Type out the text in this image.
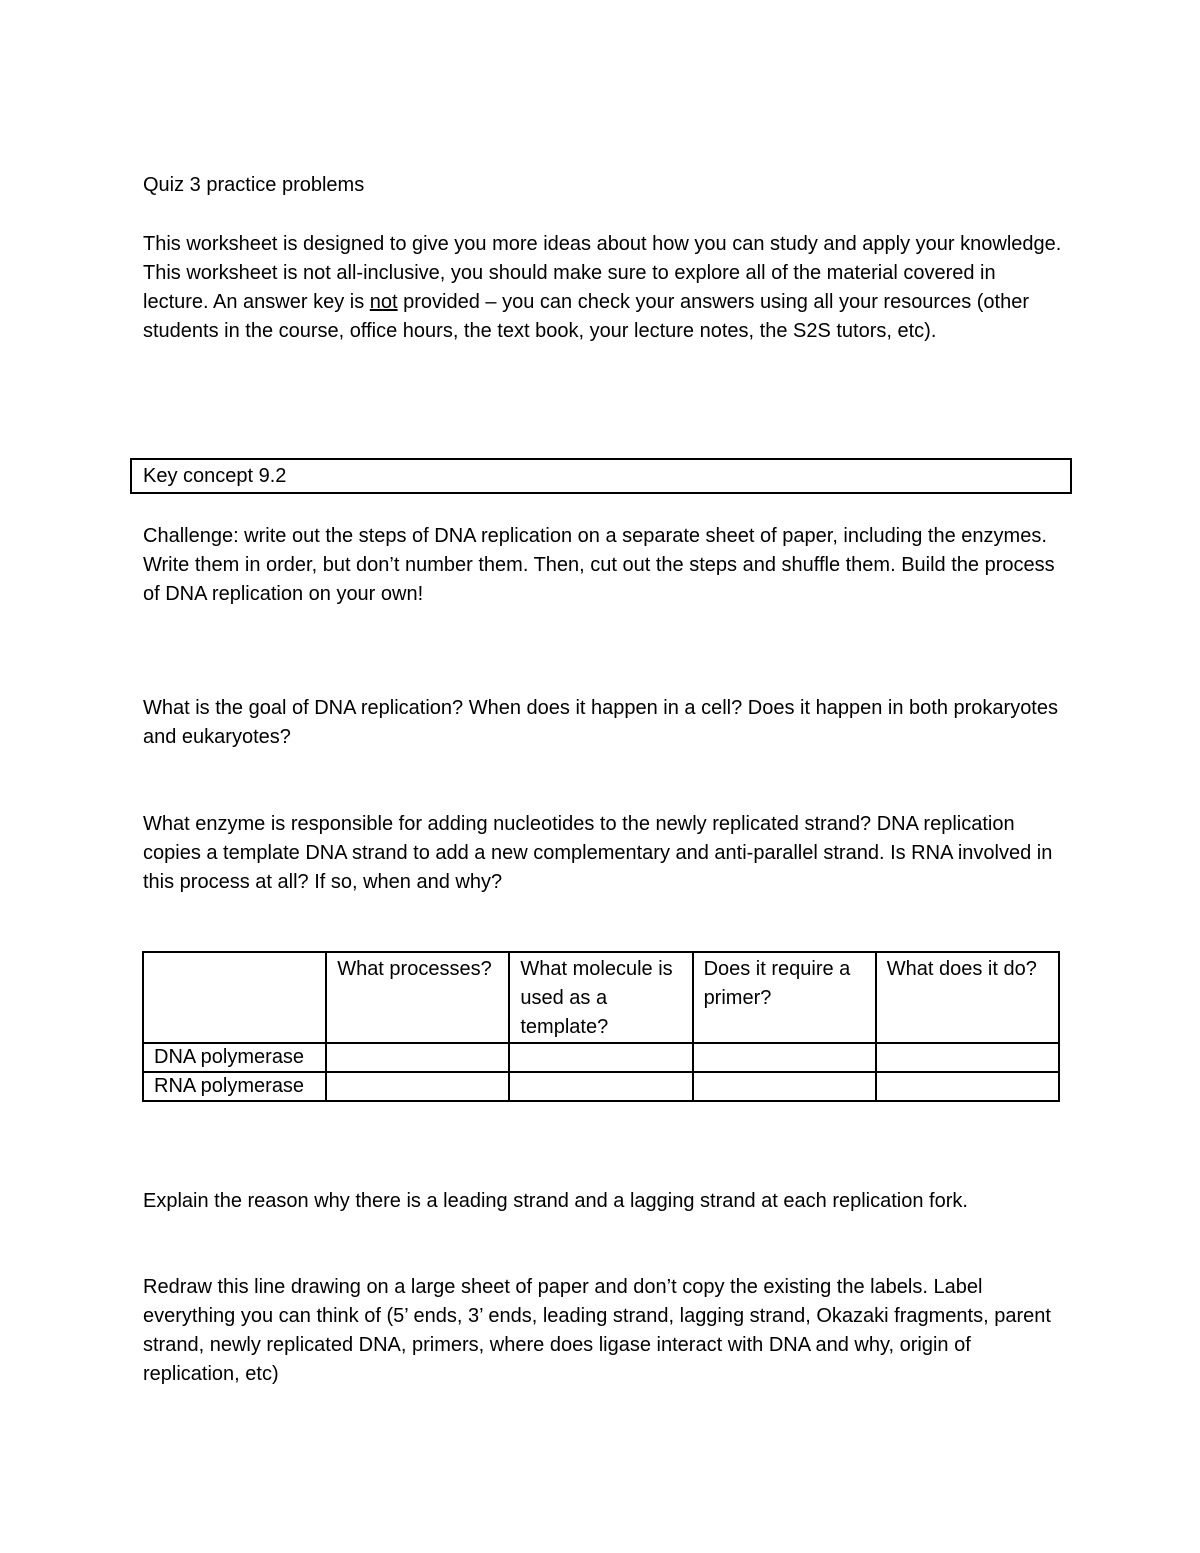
Quiz 3 practice problems

This worksheet is designed to give you more ideas about how you can study and apply your knowledge. This worksheet is not all-inclusive, you should make sure to explore all of the material covered in lecture. An answer key is not provided – you can check your answers using all your resources (other students in the course, office hours, the text book, your lecture notes, the S2S tutors, etc).

Key concept 9.2

Challenge: write out the steps of DNA replication on a separate sheet of paper, including the enzymes. Write them in order, but don’t number them. Then, cut out the steps and shuffle them. Build the process of DNA replication on your own!

What is the goal of DNA replication? When does it happen in a cell? Does it happen in both prokaryotes and eukaryotes?

What enzyme is responsible for adding nucleotides to the newly replicated strand? DNA replication copies a template DNA strand to add a new complementary and anti-parallel strand. Is RNA involved in this process at all? If so, when and why?

	What processes?	What molecule is used as a template?	Does it require a primer?	What does it do?
DNA polymerase				
RNA polymerase				

Explain the reason why there is a leading strand and a lagging strand at each replication fork.

Redraw this line drawing on a large sheet of paper and don’t copy the existing the labels. Label everything you can think of (5’ ends, 3’ ends, leading strand, lagging strand, Okazaki fragments, parent strand, newly replicated DNA, primers, where does ligase interact with DNA and why, origin of replication, etc)
